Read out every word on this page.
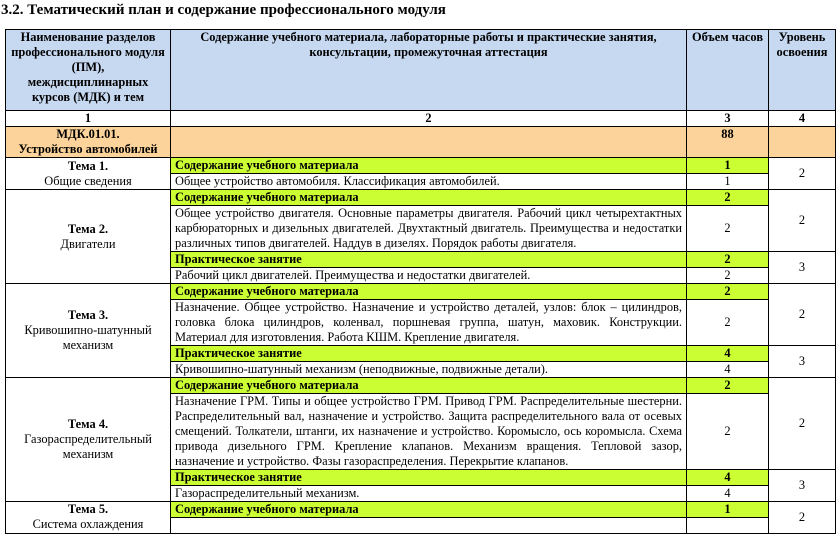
3.2. Тематический план и содержание профессионального модуля
Наименование разделов профессионального модуля (ПМ), междисциплинарных курсов (МДК) и тем	Содержание учебного материала, лабораторные работы и практические занятия, консультации, промежуточная аттестация	Объем часов	Уровень освоения
1	2	3	4

МДК.01.01.
Устройство автомобилей		88	

Тема 1.
Общие сведения	Содержание учебного материала	1	2
	Общее устройство автомобиля. Классификация автомобилей.	1	

Тема 2.
Двигатели	Содержание учебного материала	2	2
	Общее устройство двигателя. Основные параметры двигателя. Рабочий цикл четырехтактных карбюраторных и дизельных двигателей. Двухтактный двигатель. Преимущества и недостатки различных типов двигателей. Наддув в дизелях. Порядок работы двигателя.	2	
	Практическое занятие	2	3
	Рабочий цикл двигателей. Преимущества и недостатки двигателей.	2	

Тема 3.
Кривошипно-шатунный механизм	Содержание учебного материала	2	2
	Назначение. Общее устройство. Назначение и устройство деталей, узлов: блок – цилиндров, головка блока цилиндров, коленвал, поршневая группа, шатун, маховик. Конструкции. Материал для изготовления. Работа КШМ. Крепление двигателя.	2	
	Практическое занятие	4	3
	Кривошипно-шатунный механизм (неподвижные, подвижные детали).	4	

Тема 4.
Газораспределительный механизм	Содержание учебного материала	2	2
	Назначение ГРМ. Типы и общее устройство ГРМ. Привод ГРМ. Распределительные шестерни. Распределительный вал, назначение и устройство. Защита распределительного вала от осевых смещений. Толкатели, штанги, их назначение и устройство. Коромысло, ось коромысла. Схема привода дизельного ГРМ. Крепление клапанов. Механизм вращения. Тепловой зазор, назначение и устройство. Фазы газораспределения. Перекрытие клапанов.	2	
	Практическое занятие	4	3
	Газораспределительный механизм.	4	

Тема 5.
Система охлаждения	Содержание учебного материала	1	2
